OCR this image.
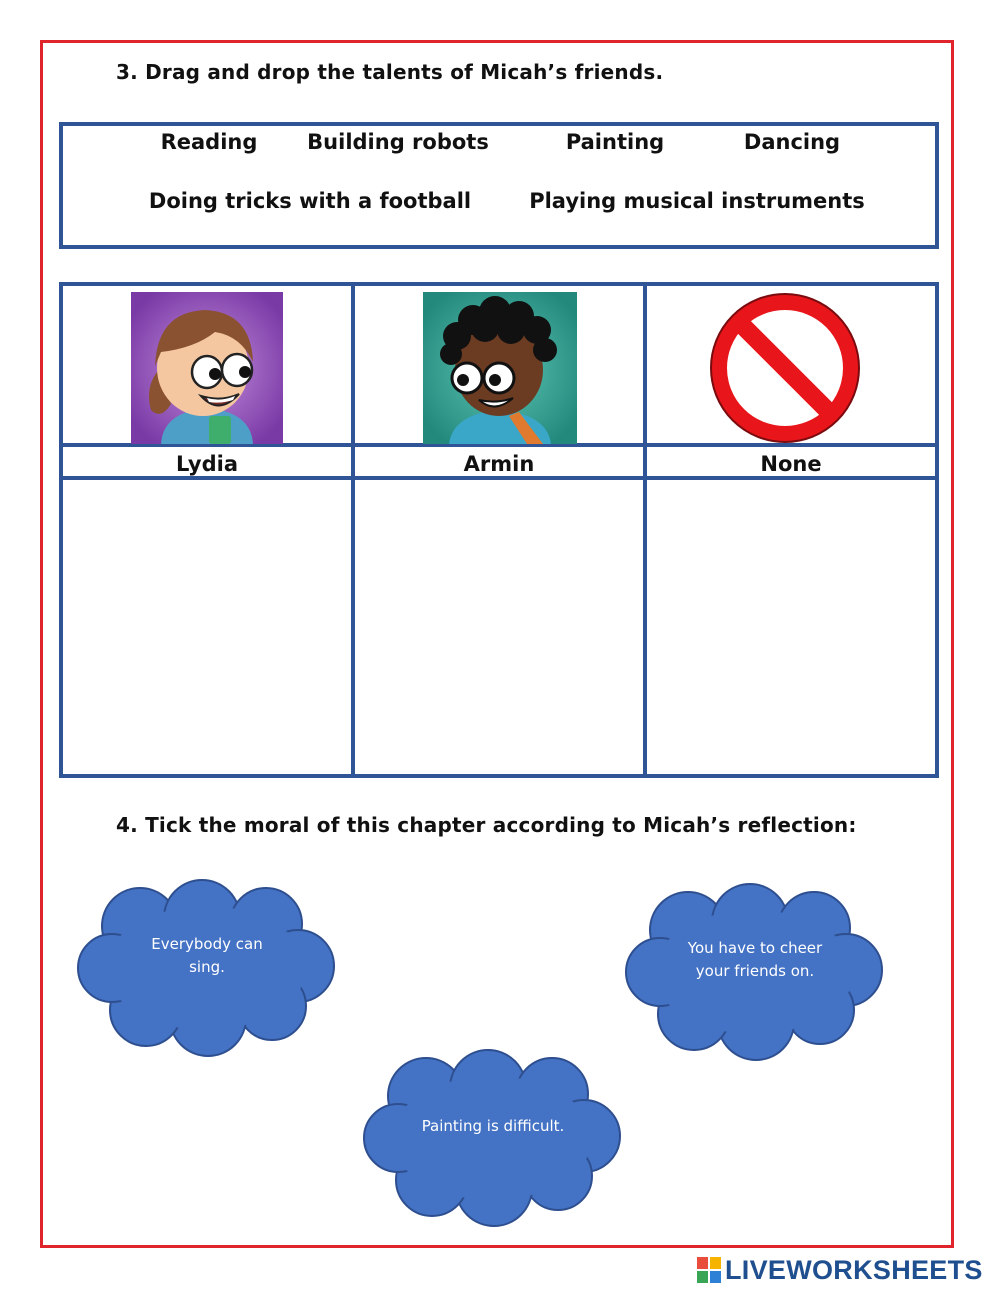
3. Drag and drop the talents of Micah’s friends.
Reading Building robots	Painting	Dancing
Doing tricks with a football	Playing musical instruments
Lydia	Armin	None
4. Tick the moral of this chapter according to Micah’s reflection:
Everybody can
sing.
You have to cheer
your friends on.
Painting is difficult.
LIVEWORKSHEETS
